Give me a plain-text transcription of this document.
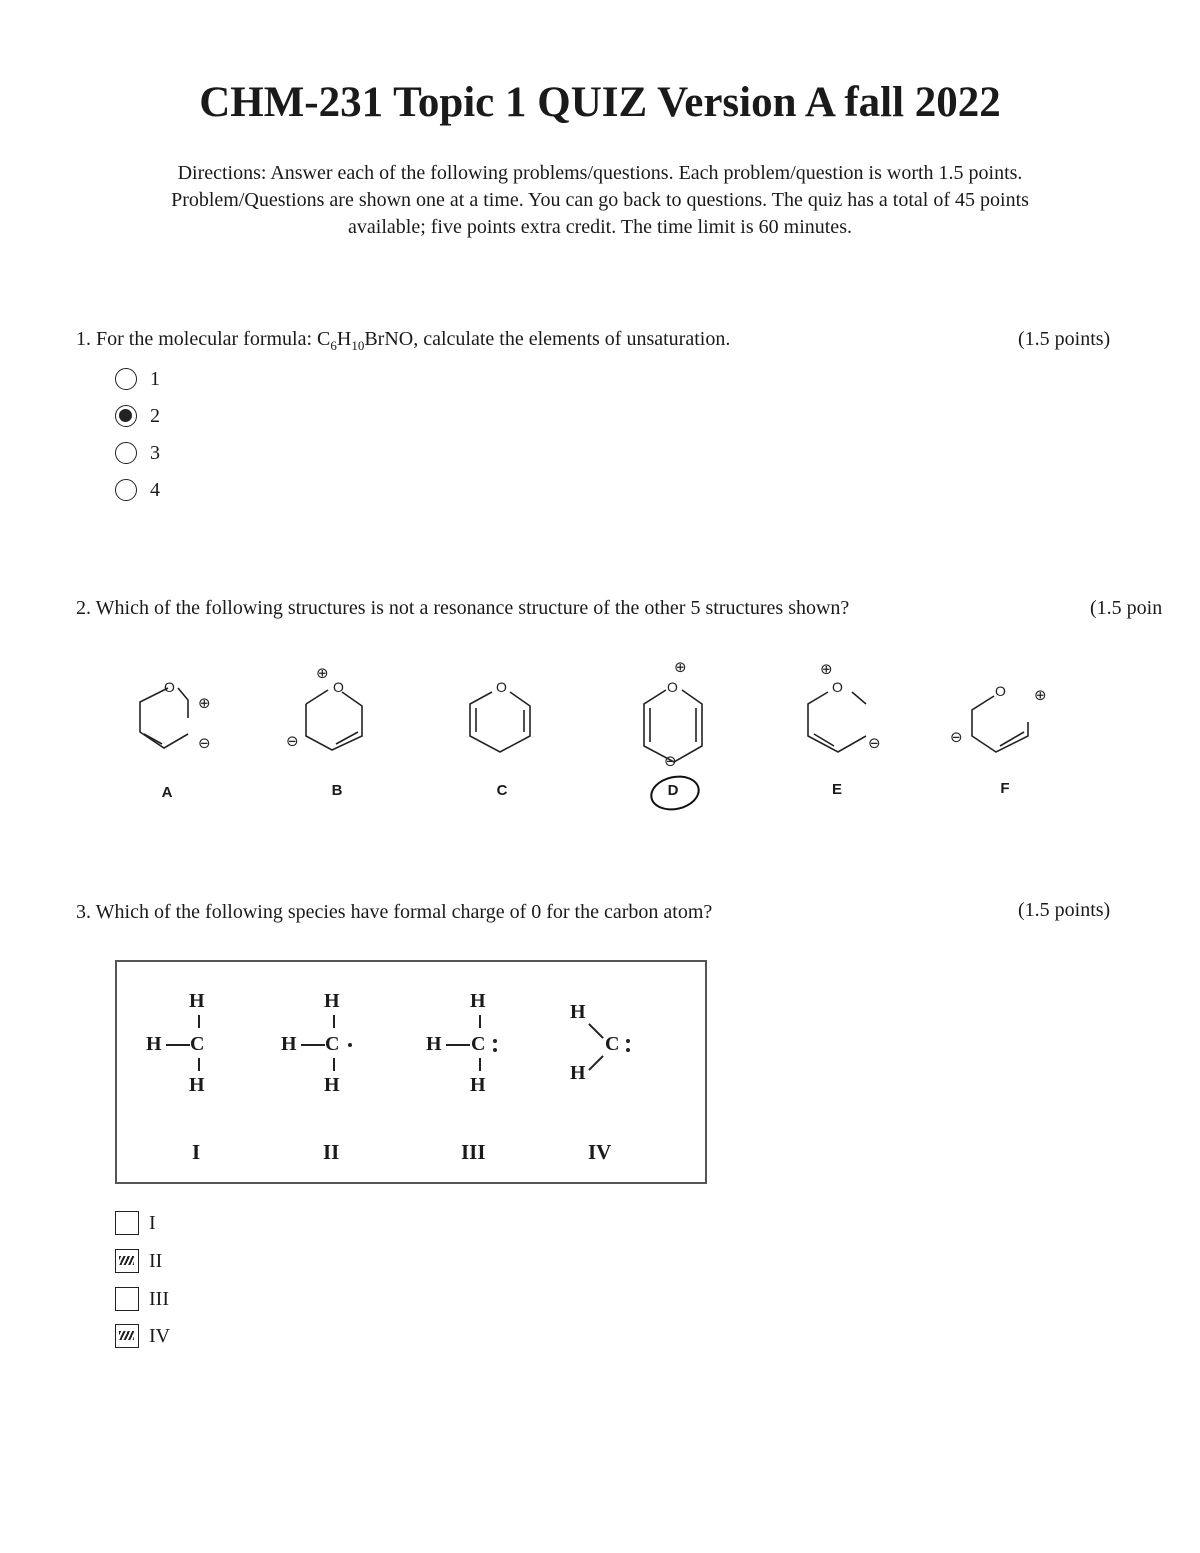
CHM-231 Topic 1 QUIZ Version A fall 2022
Directions: Answer each of the following problems/questions. Each problem/question is worth 1.5 points.
Problem/Questions are shown one at a time. You can go back to questions. The quiz has a total of 45 points
available; five points extra credit. The time limit is 60 minutes.
1. For the molecular formula: $C_6H_{10}BrNO$, calculate the elements of unsaturation.	(1.5 points)
1
2
3
4
2. Which of the following structures is not a resonance structure of the other 5 structures shown?	(1.5 poin
O	O	O	O	O	O
⊕
⊖
⊕
⊖
⊕
⊖
⊕
⊖	⊖
⊕
A	B	C	D	E	F
3. Which of the following species have formal charge of 0 for the carbon atom?	(1.5 points)
H
H C
H
H
H C
H
H
H C
H
H
C
H
I	II	III	IV
I
II
III
IV
